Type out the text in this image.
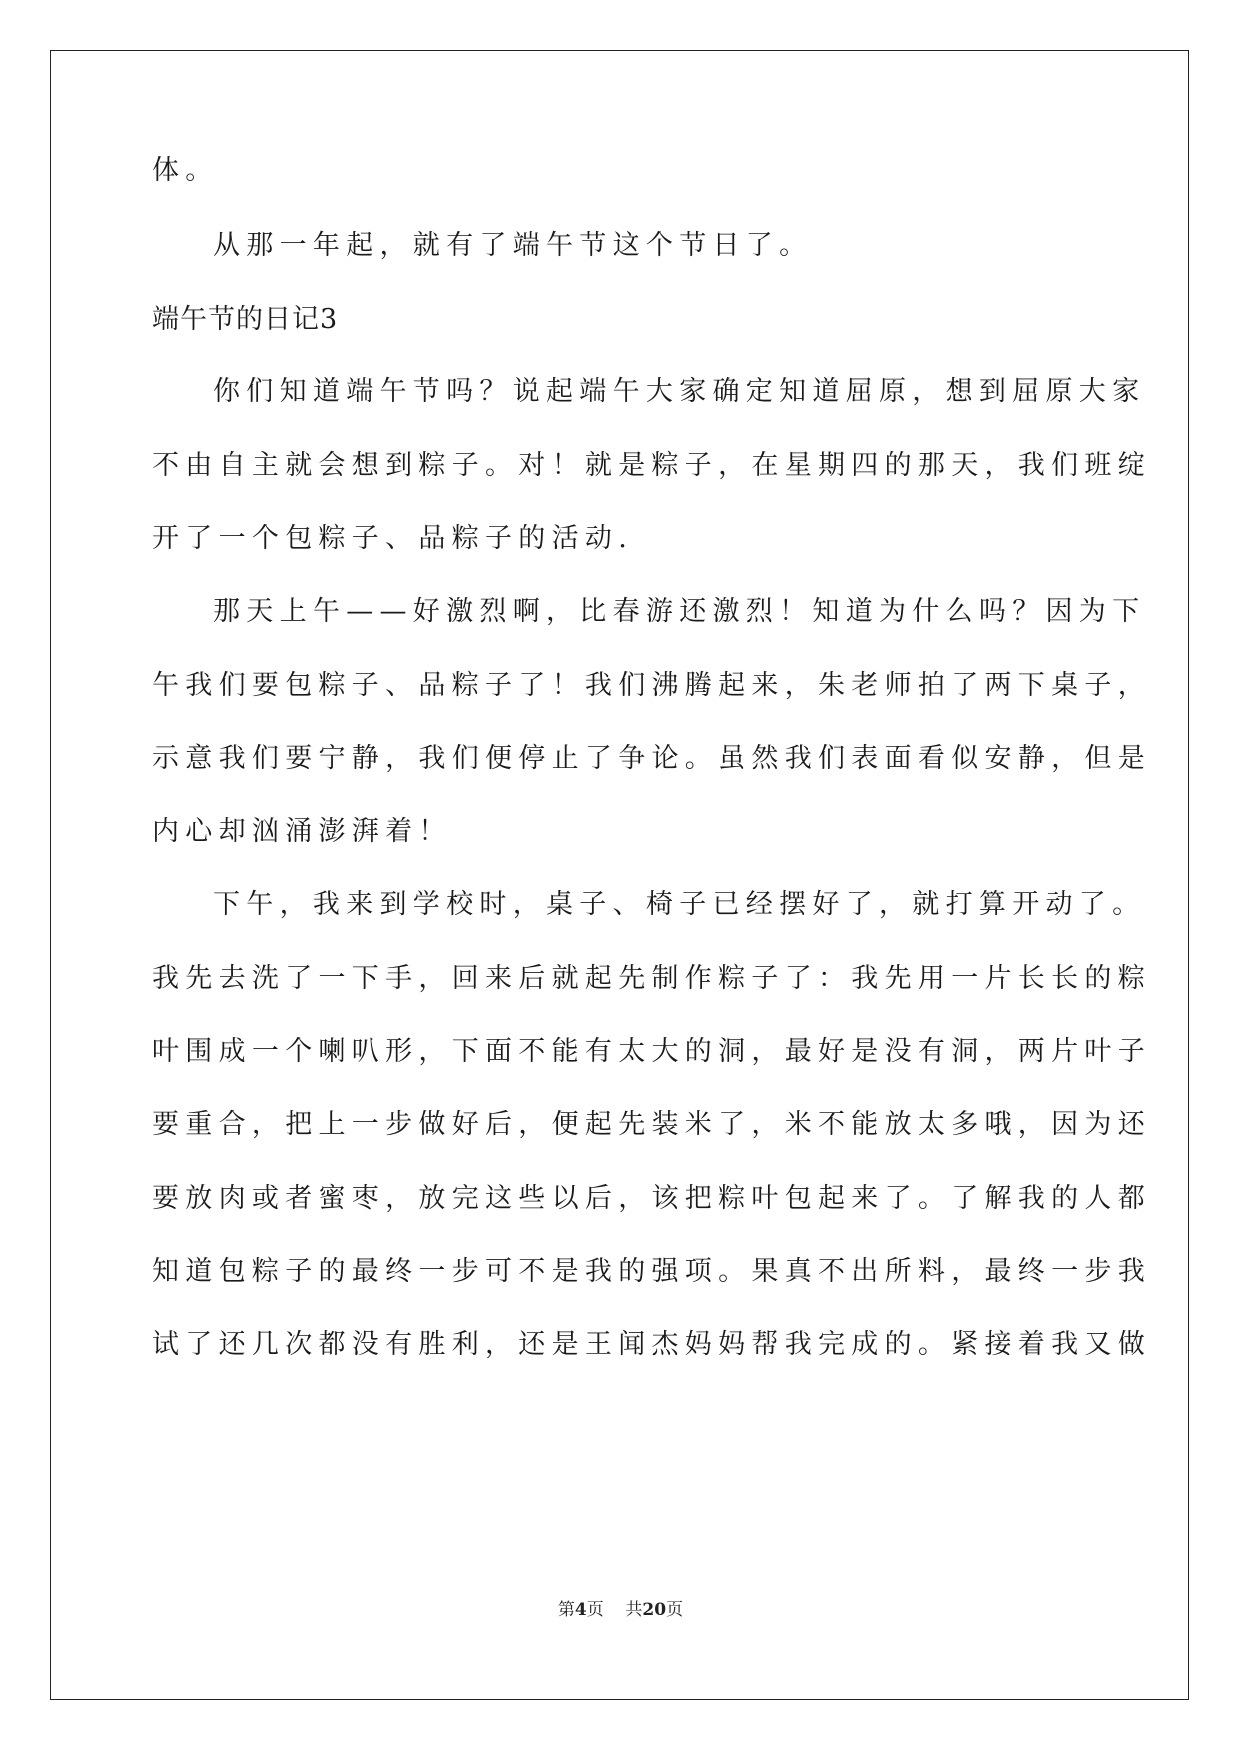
体。
从那一年起，就有了端午节这个节日了。
端午节的日记3
你们知道端午节吗？说起端午大家确定知道屈原，想到屈原大家
不由自主就会想到粽子。对！就是粽子，在星期四的那天，我们班绽
开了一个包粽子、品粽子的活动.
那天上午——好激烈啊，比春游还激烈！知道为什么吗？因为下
午我们要包粽子、品粽子了！我们沸腾起来，朱老师拍了两下桌子，
示意我们要宁静，我们便停止了争论。虽然我们表面看似安静，但是
内心却汹涌澎湃着！
下午，我来到学校时，桌子、椅子已经摆好了，就打算开动了。
我先去洗了一下手，回来后就起先制作粽子了：我先用一片长长的粽
叶围成一个喇叭形，下面不能有太大的洞，最好是没有洞，两片叶子
要重合，把上一步做好后，便起先装米了，米不能放太多哦，因为还
要放肉或者蜜枣，放完这些以后，该把粽叶包起来了。了解我的人都
知道包粽子的最终一步可不是我的强项。果真不出所料，最终一步我
试了还几次都没有胜利，还是王闻杰妈妈帮我完成的。紧接着我又做
第4页 共20页
